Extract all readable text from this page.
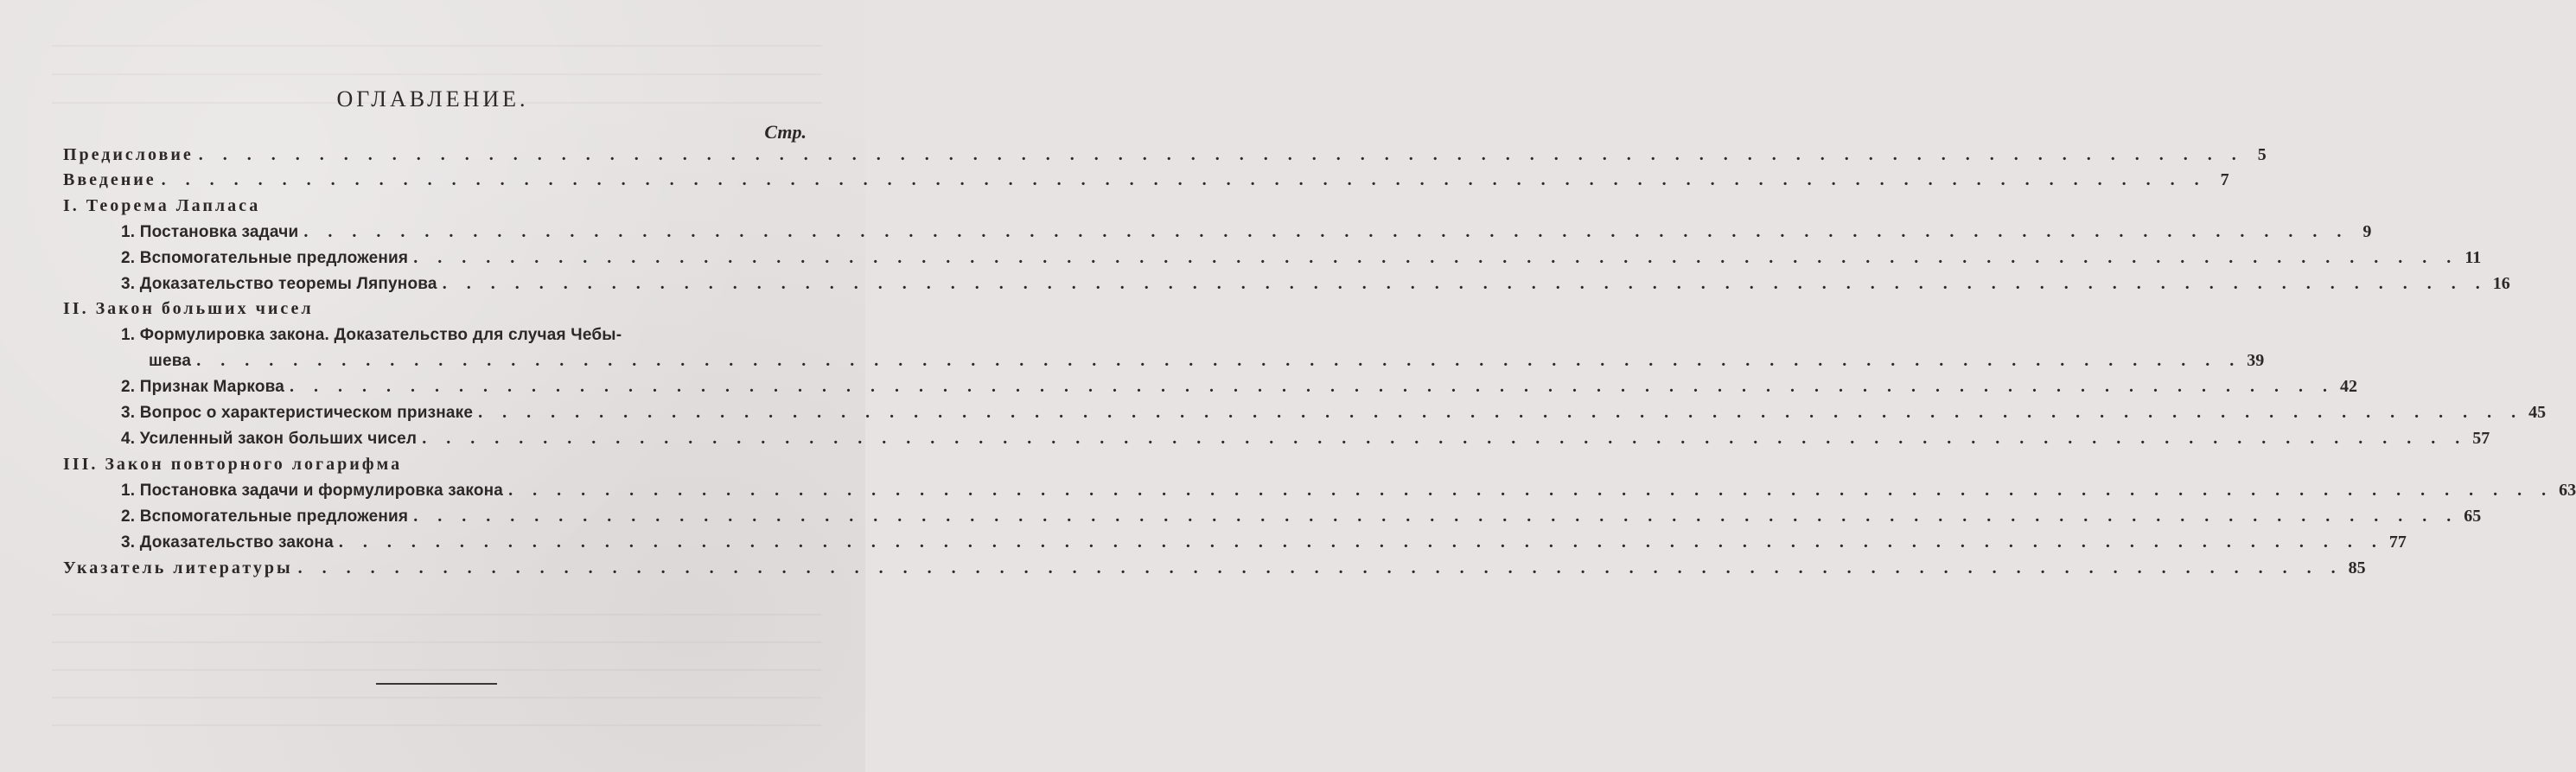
ОГЛАВЛЕНИЕ.
Стр.
Предисловие . . . . . . . . . . . . . . . . . . . . . . . . . . . . . . . . . . . . . . . . . . . . . . . . . . . . . . . . . . . . . . . . . . . . . . . . . . . . . . . . . . . . . 5
Введение . . . . . . . . . . . . . . . . . . . . . . . . . . . . . . . . . . . . . . . . . . . . . . . . . . . . . . . . . . . . . . . . . . . . . . . . . . . . . . . . . . . . . 7
I. Теорема Лапласа
1. Постановка задачи . . . . . . . . . . . . . . . . . . . . . . . . . . . . . . . . . . . . . . . . . . . . . . . . . . . . . . . . . . . . . . . . . . . . . . . . . . . . . . . . . . . . . 9
2. Вспомогательные предложения . . . . . . . . . . . . . . . . . . . . . . . . . . . . . . . . . . . . . . . . . . . . . . . . . . . . . . . . . . . . . . . . . . . . . . . . . . . . . . . . . . . . . 11
3. Доказательство теоремы Ляпунова . . . . . . . . . . . . . . . . . . . . . . . . . . . . . . . . . . . . . . . . . . . . . . . . . . . . . . . . . . . . . . . . . . . . . . . . . . . . . . . . . . . . . 16
II. Закон больших чисел
1. Формулировка закона. Доказательство для случая Чебы-
шева . . . . . . . . . . . . . . . . . . . . . . . . . . . . . . . . . . . . . . . . . . . . . . . . . . . . . . . . . . . . . . . . . . . . . . . . . . . . . . . . . . . . . 39
2. Признак Маркова . . . . . . . . . . . . . . . . . . . . . . . . . . . . . . . . . . . . . . . . . . . . . . . . . . . . . . . . . . . . . . . . . . . . . . . . . . . . . . . . . . . . . 42
3. Вопрос о характеристическом признаке . . . . . . . . . . . . . . . . . . . . . . . . . . . . . . . . . . . . . . . . . . . . . . . . . . . . . . . . . . . . . . . . . . . . . . . . . . . . . . . . . . . . . 45
4. Усиленный закон больших чисел . . . . . . . . . . . . . . . . . . . . . . . . . . . . . . . . . . . . . . . . . . . . . . . . . . . . . . . . . . . . . . . . . . . . . . . . . . . . . . . . . . . . . 57
III. Закон повторного логарифма
1. Постановка задачи и формулировка закона . . . . . . . . . . . . . . . . . . . . . . . . . . . . . . . . . . . . . . . . . . . . . . . . . . . . . . . . . . . . . . . . . . . . . . . . . . . . . . . . . . . . . 63
2. Вспомогательные предложения . . . . . . . . . . . . . . . . . . . . . . . . . . . . . . . . . . . . . . . . . . . . . . . . . . . . . . . . . . . . . . . . . . . . . . . . . . . . . . . . . . . . . 65
3. Доказательство закона . . . . . . . . . . . . . . . . . . . . . . . . . . . . . . . . . . . . . . . . . . . . . . . . . . . . . . . . . . . . . . . . . . . . . . . . . . . . . . . . . . . . . 77
Указатель литературы . . . . . . . . . . . . . . . . . . . . . . . . . . . . . . . . . . . . . . . . . . . . . . . . . . . . . . . . . . . . . . . . . . . . . . . . . . . . . . . . . . . . . 85
